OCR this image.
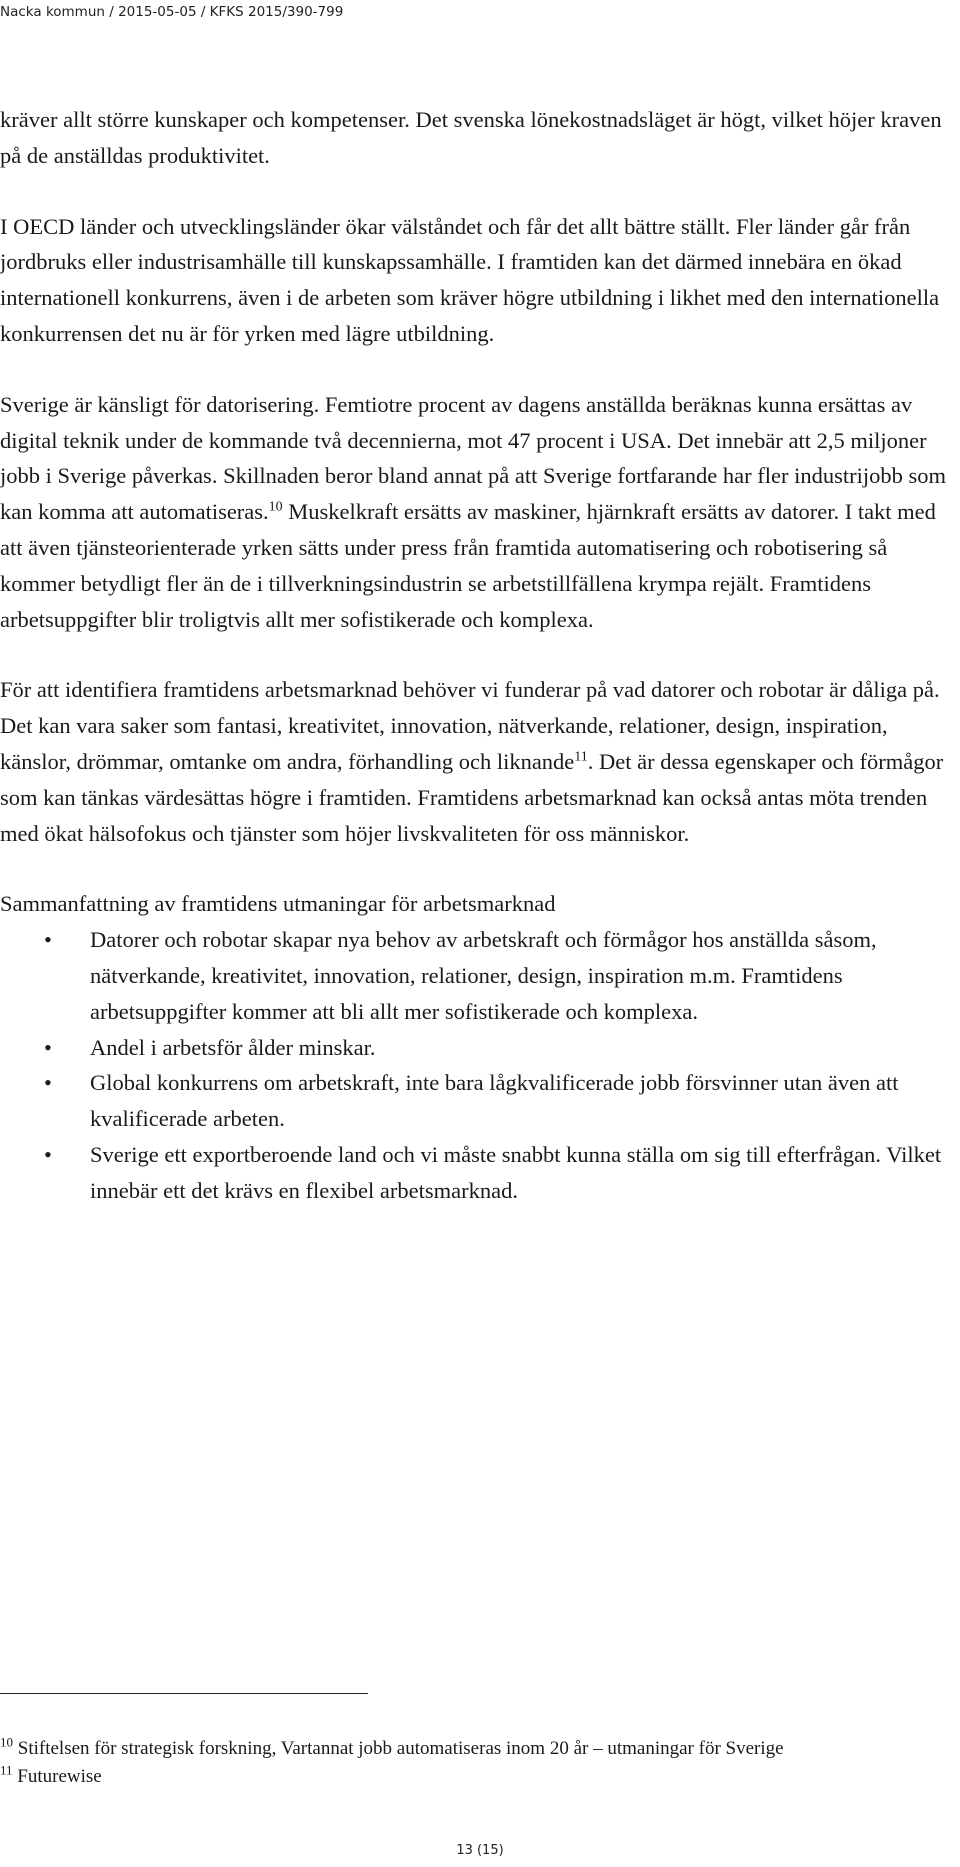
Nacka kommun / 2015-05-05 / KFKS 2015/390-799

kräver allt större kunskaper och kompetenser. Det svenska lönekostnadsläget är högt, vilket höjer kraven på de anställdas produktivitet.

I OECD länder och utvecklingsländer ökar välståndet och får det allt bättre ställt. Fler länder går från jordbruks eller industrisamhälle till kunskapssamhälle. I framtiden kan det därmed innebära en ökad internationell konkurrens, även i de arbeten som kräver högre utbildning i likhet med den internationella konkurrensen det nu är för yrken med lägre utbildning.

Sverige är känsligt för datorisering. Femtiotre procent av dagens anställda beräknas kunna ersättas av digital teknik under de kommande två decennierna, mot 47 procent i USA. Det innebär att 2,5 miljoner jobb i Sverige påverkas. Skillnaden beror bland annat på att Sverige fortfarande har fler industrijobb som kan komma att automatiseras.$^{10}$ Muskelkraft ersätts av maskiner, hjärnkraft ersätts av datorer. I takt med att även tjänsteorienterade yrken sätts under press från framtida automatisering och robotisering så kommer betydligt fler än de i tillverkningsindustrin se arbetstillfällena krympa rejält. Framtidens arbetsuppgifter blir troligtvis allt mer sofistikerade och komplexa.

För att identifiera framtidens arbetsmarknad behöver vi funderar på vad datorer och robotar är dåliga på. Det kan vara saker som fantasi, kreativitet, innovation, nätverkande, relationer, design, inspiration, känslor, drömmar, omtanke om andra, förhandling och liknande$^{11}$. Det är dessa egenskaper och förmågor som kan tänkas värdesättas högre i framtiden. Framtidens arbetsmarknad kan också antas möta trenden med ökat hälsofokus och tjänster som höjer livskvaliteten för oss människor.

Sammanfattning av framtidens utmaningar för arbetsmarknad

• Datorer och robotar skapar nya behov av arbetskraft och förmågor hos anställda såsom, nätverkande, kreativitet, innovation, relationer, design, inspiration m.m. Framtidens arbetsuppgifter kommer att bli allt mer sofistikerade och komplexa.
• Andel i arbetsför ålder minskar.
• Global konkurrens om arbetskraft, inte bara lågkvalificerade jobb försvinner utan även att kvalificerade arbeten.
• Sverige ett exportberoende land och vi måste snabbt kunna ställa om sig till efterfrågan. Vilket innebär ett det krävs en flexibel arbetsmarknad.
$^{10}$ Stiftelsen för strategisk forskning, Vartannat jobb automatiseras inom 20 år – utmaningar för Sverige
$^{11}$ Futurewise
13 (15)
